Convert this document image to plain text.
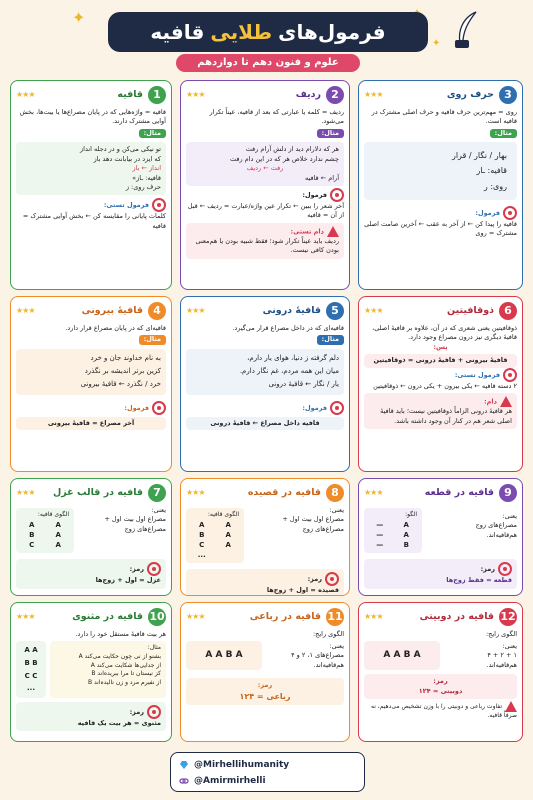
✦
✦
فرمول‌های
طلایی
قافیه
علوم و فنون دهم تا دوازدهم
1
قافیه
★★★
قافیه = واژه‌هایی که در پایان مصراع‌ها یا بیت‌ها، بخش آوایی مشترک دارند.
مثال:
تو نیکی می‌کن و در دجله انداز
که ایزد در بیابانت دهد باز
انداز ← باز
قافیه: ـاز»
حرف روی: ز
فرمول تستی:
کلمات پایانی را مقایسه کن ← بخش آوایی مشترک = قافیه
2
ردیف
★★★
ردیف = کلمه یا عبارتی که بعد از قافیه، عیناً تکرار می‌شود.
مثال:
هر که دلارام دید از دلش آرام رفت
چشم ندارد خلاص هر که در این دام رفت
رفت ← ردیف
آرام ← قافیه
فرمول:
آخر شعر را ببین ← تکرار عین واژه/عبارت = ردیف ← قبل از آن = قافیه
دام تستی:
ردیف باید عیناً تکرار شود؛ فقط شبیه بودن یا هم‌معنی بودن کافی نیست.
3
حرف روی
★★★
روی = مهم‌ترین حرف قافیه و حرف اصلی مشترک در قافیه است.
مثال:
بهار / نگار / قرار
قافیه: ـار
روی: ر
فرمول:
قافیه را پیدا کن ← از آخر به عقب ← آخرین صامت اصلی مشترک = روی
4
قافیهٔ بیرونی
★★★
قافیه‌ای که در پایان مصراع قرار دارد.
مثال:
به نام خداوند جان و خرد
کزین برتر اندیشه بر نگذرد
خرد / نگذرد ← قافیهٔ بیرونی
فرمول:
آخر مصراع = قافیهٔ بیرونی
5
قافیهٔ درونی
★★★
قافیه‌ای که در داخل مصراع قرار می‌گیرد.
مثال:
دلم گرفته ز دنیا، هوای یار دارم،
میان این همه مردم، غم نگار دارم.
یار / نگار ← قافیهٔ درونی
فرمول:
قافیه داخل مصراع ← قافیهٔ درونی
6
ذوقافیتین
★★★
ذوقافیتین یعنی شعری که در آن، علاوه بر قافیهٔ اصلی، قافیهٔ دیگری نیز درون مصراع وجود دارد.
پس:
قافیهٔ بیرونی + قافیهٔ درونی = ذوقافیتین
فرمول تستی:
۲ دسته قافیه ← یکی بیرون + یکی درون ← ذوقافیتین
دام:
هر قافیهٔ درونی الزاماً ذوقافیتین نیست؛ باید قافیهٔ اصلی شعر هم در کنار آن وجود داشته باشد.
7
قافیه در قالب غزل
★★★
یعنی:
مصراع اول بیت اول +
مصراع‌های زوج
الگوی قافیه:
A	A
B	A
C	A
رمز:
غزل = اول + زوج‌ها
8
قافیه در قصیده
★★★
یعنی:
مصراع اول بیت اول +
مصراع‌های زوج
الگوی قافیه:
A	A
B	A
C	A
...
رمز:
قصیده = اول + زوج‌ها
9
قافیه در قطعه
★★★
یعنی:
مصراع‌های زوج
هم‌قافیه‌اند.
الگو:
—	A
—	A
—	B
رمز:
قطعه = فقط زوج‌ها
10
قافیه در مثنوی
★★★
هر بیت قافیهٔ مستقل خود را دارد.
مثال:
بشنو از نی چون حکایت می‌کند A
از جدایی‌ها شکایت می‌کند A
کز نیستان تا مرا ببریده‌اند B
از نفیرم مرد و زن نالیده‌اند B
A A
B B
C C
...
رمز:
مثنوی = هر بیت یک قافیه
11
قافیه در رباعی
★★★
الگوی رایج:
یعنی:
مصراع‌های ۱، ۲ و ۴
هم‌قافیه‌اند.
A A B A
رمز:
رباعی = ۱۲۴
12
قافیه در دوبیتی
★★★
الگوی رایج:
یعنی:
۱ + ۲ + ۴
هم‌قافیه‌اند.
A A B A
رمز:
دوبیتی = ۱۲۴
تفاوت رباعی و دوبیتی را با وزن تشخیص می‌دهیم، نه صرفاً قافیه.
@Mirhellihumanity
@Amirmirhelli
